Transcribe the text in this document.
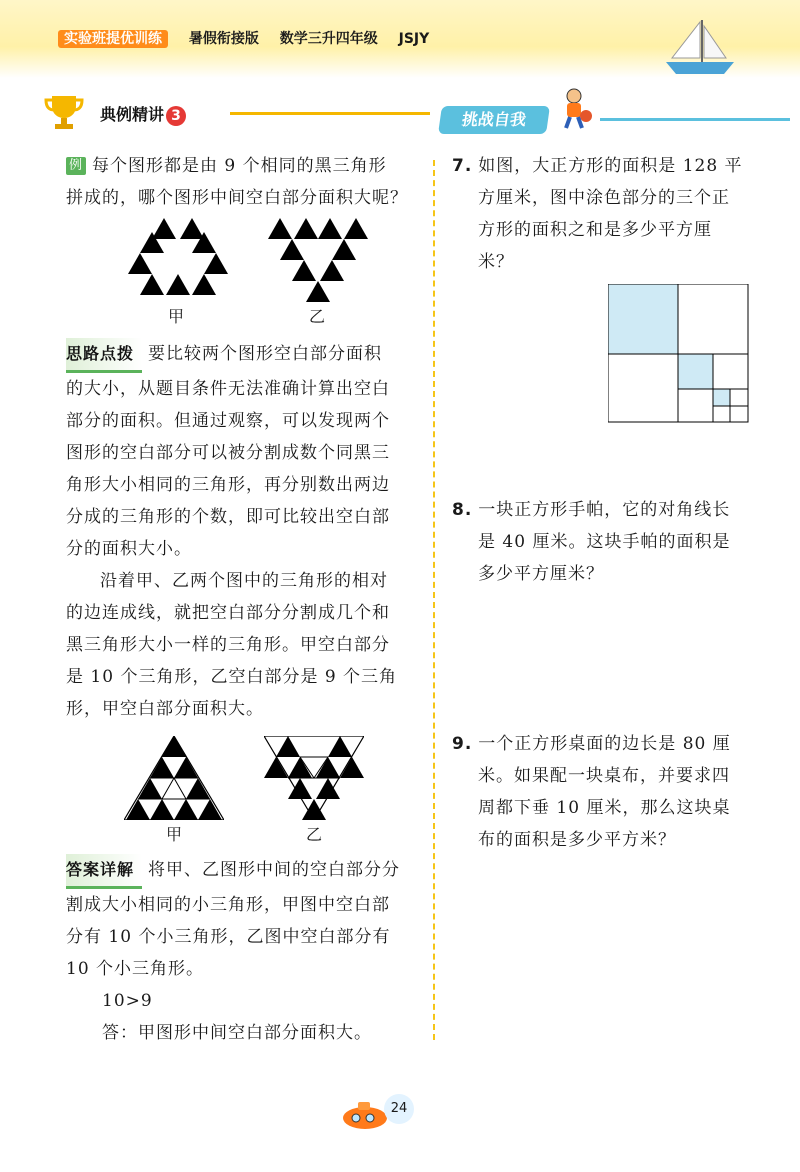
实验班提优训练 暑假衔接版 数学三升四年级 JSJY
典例精讲 3	挑战自我
例 每个图形都是由 9 个相同的黑三角形
拼成的，哪个图形中间空白部分面积大呢？
甲	乙
思路点拨 要比较两个图形空白部分面积
的大小，从题目条件无法准确计算出空白
部分的面积。但通过观察，可以发现两个
图形的空白部分可以被分割成数个同黑三
角形大小相同的三角形，再分别数出两边
分成的三角形的个数，即可比较出空白部
分的面积大小。
沿着甲、乙两个图中的三角形的相对
的边连成线，就把空白部分分割成几个和
黑三角形大小一样的三角形。甲空白部分
是 10 个三角形，乙空白部分是 9 个三角
形，甲空白部分面积大。
甲	乙
答案详解 将甲、乙图形中间的空白部分分
割成大小相同的小三角形，甲图中空白部
分有 10 个小三角形，乙图中空白部分有
10 个小三角形。
10>9
答：甲图形中间空白部分面积大。
7. 如图，大正方形的面积是 128 平
方厘米，图中涂色部分的三个正
方形的面积之和是多少平方厘
米？
8. 一块正方形手帕，它的对角线长
是 40 厘米。这块手帕的面积是
多少平方厘米？
9. 一个正方形桌面的边长是 80 厘
米。如果配一块桌布，并要求四
周都下垂 10 厘米，那么这块桌
布的面积是多少平方米？
24
